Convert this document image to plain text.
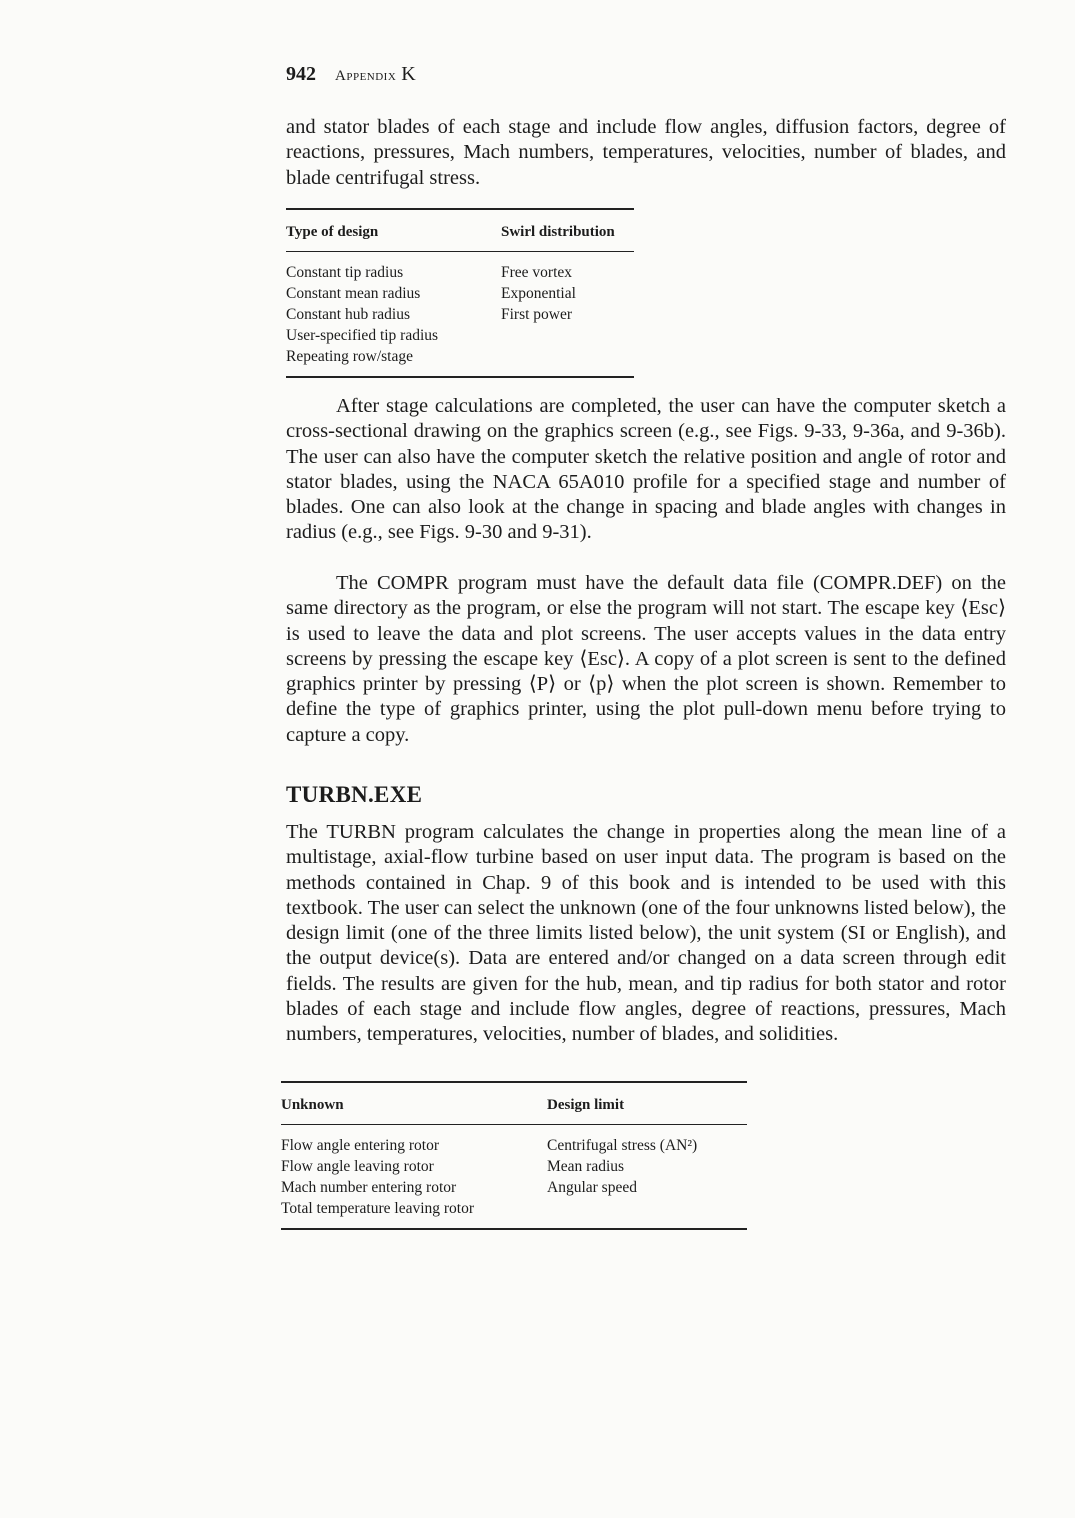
942 Appendix K

and stator blades of each stage and include flow angles, diffusion factors, degree of reactions, pressures, Mach numbers, temperatures, velocities, number of blades, and blade centrifugal stress.

Type of design	Swirl distribution
Constant tip radius	Free vortex
Constant mean radius	Exponential
Constant hub radius	First power
User-specified tip radius	
Repeating row/stage	

After stage calculations are completed, the user can have the computer sketch a cross-sectional drawing on the graphics screen (e.g., see Figs. 9-33, 9-36a, and 9-36b). The user can also have the computer sketch the relative position and angle of rotor and stator blades, using the NACA 65A010 profile for a specified stage and number of blades. One can also look at the change in spacing and blade angles with changes in radius (e.g., see Figs. 9-30 and 9-31).

The COMPR program must have the default data file (COMPR.DEF) on the same directory as the program, or else the program will not start. The escape key ⟨Esc⟩ is used to leave the data and plot screens. The user accepts values in the data entry screens by pressing the escape key ⟨Esc⟩. A copy of a plot screen is sent to the defined graphics printer by pressing ⟨P⟩ or ⟨p⟩ when the plot screen is shown. Remember to define the type of graphics printer, using the plot pull-down menu before trying to capture a copy.

TURBN.EXE

The TURBN program calculates the change in properties along the mean line of a multistage, axial-flow turbine based on user input data. The program is based on the methods contained in Chap. 9 of this book and is intended to be used with this textbook. The user can select the unknown (one of the four unknowns listed below), the design limit (one of the three limits listed below), the unit system (SI or English), and the output device(s). Data are entered and/or changed on a data screen through edit fields. The results are given for the hub, mean, and tip radius for both stator and rotor blades of each stage and include flow angles, degree of reactions, pressures, Mach numbers, temperatures, velocities, number of blades, and solidities.

Unknown	Design limit
Flow angle entering rotor	Centrifugal stress (AN²)
Flow angle leaving rotor	Mean radius
Mach number entering rotor	Angular speed
Total temperature leaving rotor	
